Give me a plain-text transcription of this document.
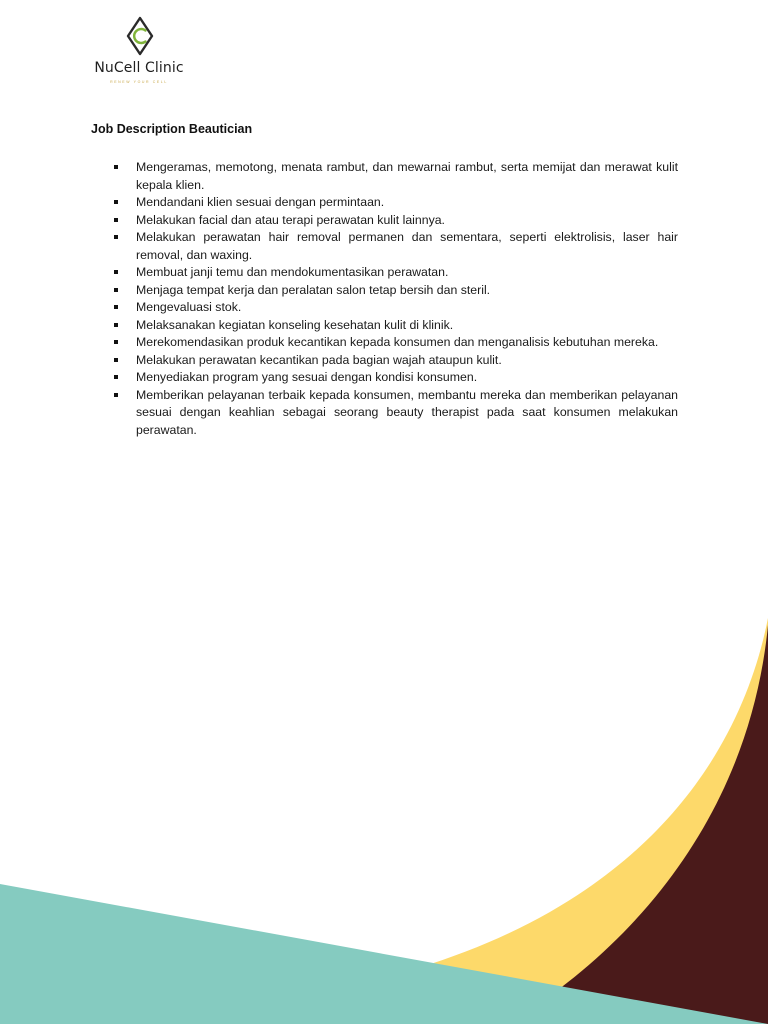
NuCell Clinic
RENEW YOUR CELL
Job Description Beautician
Mengeramas, memotong, menata rambut, dan mewarnai rambut, serta memijat dan merawat kulit kepala klien.
Mendandani klien sesuai dengan permintaan.
Melakukan facial dan atau terapi perawatan kulit lainnya.
Melakukan perawatan hair removal permanen dan sementara, seperti elektrolisis, laser hair removal, dan waxing.
Membuat janji temu dan mendokumentasikan perawatan.
Menjaga tempat kerja dan peralatan salon tetap bersih dan steril.
Mengevaluasi stok.
Melaksanakan kegiatan konseling kesehatan kulit di klinik.
Merekomendasikan produk kecantikan kepada konsumen dan menganalisis kebutuhan mereka.
Melakukan perawatan kecantikan pada bagian wajah ataupun kulit.
Menyediakan program yang sesuai dengan kondisi konsumen.
Memberikan pelayanan terbaik kepada konsumen, membantu mereka dan memberikan pelayanan sesuai dengan keahlian sebagai seorang beauty therapist pada saat konsumen melakukan perawatan.
